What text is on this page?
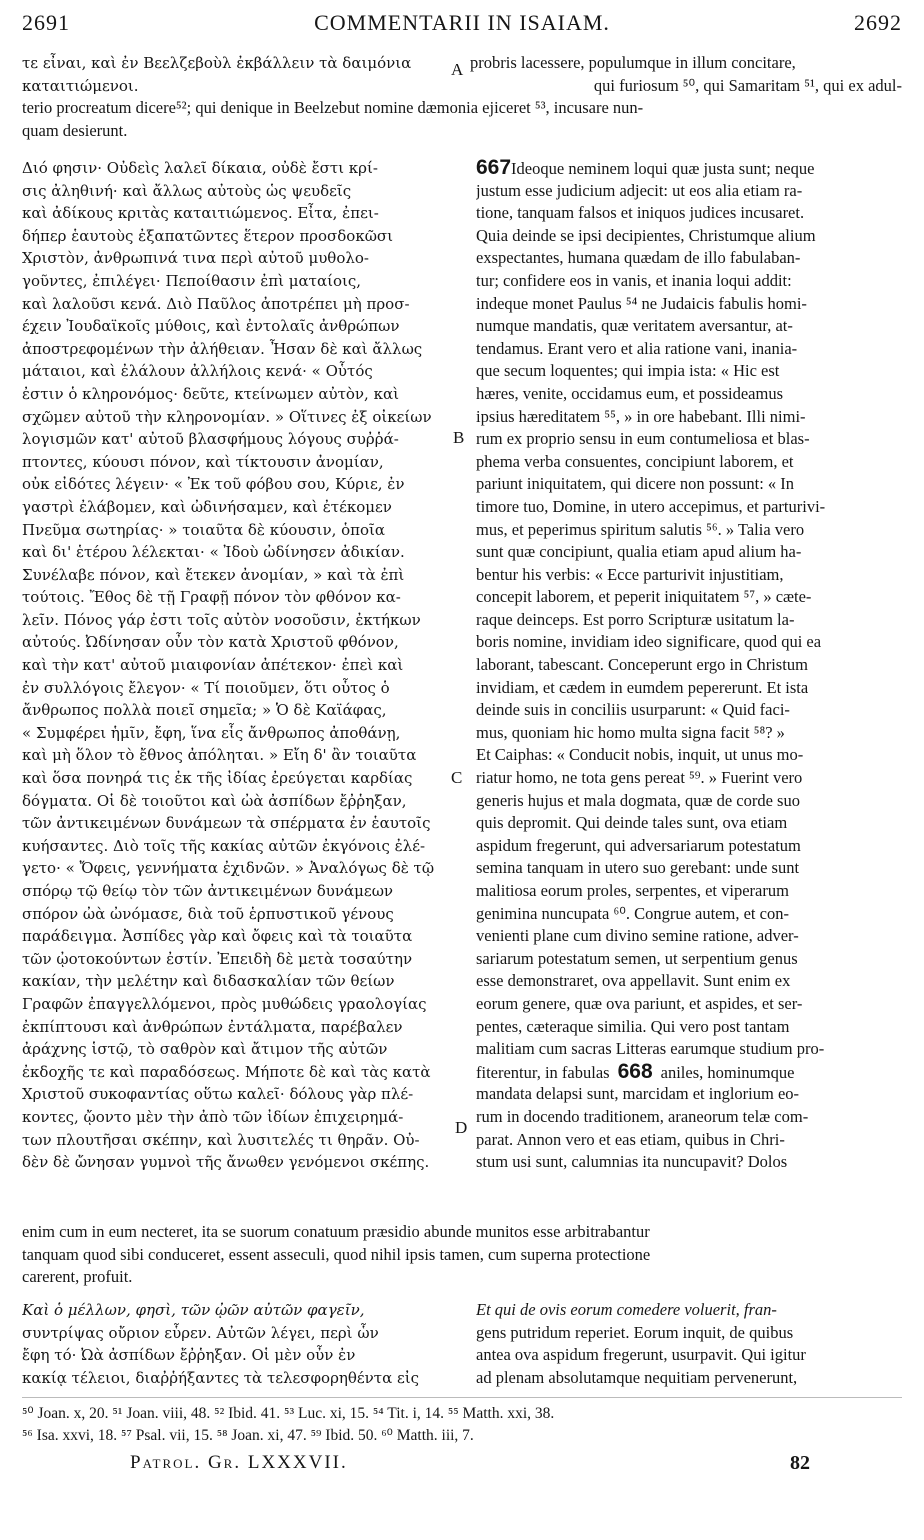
2691	COMMENTARII IN ISAIAM.	2692
τε εἶναι, καὶ ἐν Βεελζεβοὺλ ἐκβάλλειν τὰ δαιμόνια
καταιτιώμενοι.
probris lacessere, populumque in illum concitare,
qui furiosum ⁵⁰, qui Samaritam ⁵¹, qui ex adul-
terio procreatum dicere⁵²; qui denique in Beelzebut nomine dæmonia ejiceret ⁵³, incusare nun-
quam desierunt.
Διό φησιν· Οὐδεὶς λαλεῖ δίκαια, οὐδὲ ἔστι κρί-
σις ἀληθινή· καὶ ἄλλως αὐτοὺς ὡς ψευδεῖς
καὶ ἀδίκους κριτὰς καταιτιώμενος. Εἶτα, ἐπει-
δήπερ ἑαυτοὺς ἐξαπατῶντες ἕτερον προσδοκῶσι
Χριστὸν, ἀνθρωπινά τινα περὶ αὐτοῦ μυθολο-
γοῦντες, ἐπιλέγει· Πεποίθασιν ἐπὶ ματαίοις,
καὶ λαλοῦσι κενά. Διὸ Παῦλος ἀποτρέπει μὴ προσ-
έχειν Ἰουδαϊκοῖς μύθοις, καὶ ἐντολαῖς ἀνθρώπων
ἀποστρεφομένων τὴν ἀλήθειαν. Ἦσαν δὲ καὶ ἄλλως
μάταιοι, καὶ ἐλάλουν ἀλλήλοις κενά· « Οὗτός
ἐστιν ὁ κληρονόμος· δεῦτε, κτείνωμεν αὐτὸν, καὶ
σχῶμεν αὐτοῦ τὴν κληρονομίαν. » Οἵτινες ἐξ οἰκείων
λογισμῶν κατ' αὐτοῦ βλασφήμους λόγους συῤῥά-
πτοντες, κύουσι πόνον, καὶ τίκτουσιν ἀνομίαν,
οὐκ εἰδότες λέγειν· « Ἐκ τοῦ φόβου σου, Κύριε, ἐν
γαστρὶ ἐλάβομεν, καὶ ὠδινήσαμεν, καὶ ἐτέκομεν
Πνεῦμα σωτηρίας· » τοιαῦτα δὲ κύουσιν, ὁποῖα
καὶ δι' ἑτέρου λέλεκται· « Ἰδοὺ ὠδίνησεν ἀδικίαν.
Συνέλαβε πόνον, καὶ ἔτεκεν ἀνομίαν, » καὶ τὰ ἐπὶ
τούτοις. Ἔθος δὲ τῇ Γραφῇ πόνον τὸν φθόνον κα-
λεῖν. Πόνος γάρ ἐστι τοῖς αὐτὸν νοσοῦσιν, ἐκτήκων
αὐτούς. Ὠδίνησαν οὖν τὸν κατὰ Χριστοῦ φθόνον,
καὶ τὴν κατ' αὐτοῦ μιαιφονίαν ἀπέτεκον· ἐπεὶ καὶ
ἐν συλλόγοις ἔλεγον· « Τί ποιοῦμεν, ὅτι οὗτος ὁ
ἄνθρωπος πολλὰ ποιεῖ σημεῖα; » Ὁ δὲ Καϊάφας,
« Συμφέρει ἡμῖν, ἔφη, ἵνα εἷς ἄνθρωπος ἀποθάνῃ,
καὶ μὴ ὅλον τὸ ἔθνος ἀπόληται. » Εἴη δ' ἂν τοιαῦτα
καὶ ὅσα πονηρά τις ἐκ τῆς ἰδίας ἐρεύγεται καρδίας
δόγματα. Οἱ δὲ τοιοῦτοι καὶ ὠὰ ἀσπίδων ἔῤῥηξαν,
τῶν ἀντικειμένων δυνάμεων τὰ σπέρματα ἐν ἑαυτοῖς
κυήσαντες. Διὸ τοῖς τῆς κακίας αὐτῶν ἐκγόνοις ἐλέ-
γετο· « Ὄφεις, γεννήματα ἐχιδνῶν. » Ἀναλόγως δὲ τῷ
σπόρῳ τῷ θείῳ τὸν τῶν ἀντικειμένων δυνάμεων
σπόρον ὠὰ ὠνόμασε, διὰ τοῦ ἑρπυστικοῦ γένους
παράδειγμα. Ἀσπίδες γὰρ καὶ ὄφεις καὶ τὰ τοιαῦτα
τῶν ᾠοτοκούντων ἐστίν. Ἐπειδὴ δὲ μετὰ τοσαύτην
κακίαν, τὴν μελέτην καὶ διδασκαλίαν τῶν θείων
Γραφῶν ἐπαγγελλόμενοι, πρὸς μυθώδεις γραολογίας
ἐκπίπτουσι καὶ ἀνθρώπων ἐντάλματα, παρέβαλεν
ἀράχνης ἱστῷ, τὸ σαθρὸν καὶ ἄτιμον τῆς αὐτῶν
ἐκδοχῆς τε καὶ παραδόσεως. Μήποτε δὲ καὶ τὰς κατὰ
Χριστοῦ συκοφαντίας οὕτω καλεῖ· δόλους γὰρ πλέ-
κοντες, ᾤοντο μὲν τὴν ἀπὸ τῶν ἰδίων ἐπιχειρημά-
των πλουτῆσαι σκέπην, καὶ λυσιτελές τι θηρᾶν. Οὐ-
δὲν δὲ ὤνησαν γυμνοὶ τῆς ἄνωθεν γενόμενοι σκέπης.
667Ideoque neminem loqui quæ justa sunt; neque
justum esse judicium adjecit: ut eos alia etiam ra-
tione, tanquam falsos et iniquos judices incusaret.
Quia deinde se ipsi decipientes, Christumque alium
exspectantes, humana quædam de illo fabulaban-
tur; confidere eos in vanis, et inania loqui addit:
indeque monet Paulus ⁵⁴ ne Judaicis fabulis homi-
numque mandatis, quæ veritatem aversantur, at-
tendamus. Erant vero et alia ratione vani, inania-
que secum loquentes; qui impia ista: « Hic est
hæres, venite, occidamus eum, et possideamus
ipsius hæreditatem ⁵⁵, » in ore habebant. Illi nimi-
rum ex proprio sensu in eum contumeliosa et blas-
phema verba consuentes, concipiunt laborem, et
pariunt iniquitatem, qui dicere non possunt: « In
timore tuo, Domine, in utero accepimus, et parturivi-
mus, et peperimus spiritum salutis ⁵⁶. » Talia vero
sunt quæ concipiunt, qualia etiam apud alium ha-
bentur his verbis: « Ecce parturivit injustitiam,
concepit laborem, et peperit iniquitatem ⁵⁷, » cæte-
raque deinceps. Est porro Scripturæ usitatum la-
boris nomine, invidiam ideo significare, quod qui ea
laborant, tabescant. Conceperunt ergo in Christum
invidiam, et cædem in eumdem pepererunt. Et ista
deinde suis in conciliis usurparunt: « Quid faci-
mus, quoniam hic homo multa signa facit ⁵⁸? »
Et Caiphas: « Conducit nobis, inquit, ut unus mo-
riatur homo, ne tota gens pereat ⁵⁹. » Fuerint vero
generis hujus et mala dogmata, quæ de corde suo
quis depromit. Qui deinde tales sunt, ova etiam
aspidum fregerunt, qui adversariarum potestatum
semina tanquam in utero suo gerebant: unde sunt
malitiosa eorum proles, serpentes, et viperarum
genimina nuncupata ⁶⁰. Congrue autem, et con-
venienti plane cum divino semine ratione, adver-
sariarum potestatum semen, ut serpentium genus
esse demonstraret, ova appellavit. Sunt enim ex
eorum genere, quæ ova pariunt, et aspides, et ser-
pentes, cæteraque similia. Qui vero post tantam
malitiam cum sacras Litteras earumque studium pro-
fiterentur, in fabulas 668 aniles, hominumque
mandata delapsi sunt, marcidam et inglorium eo-
rum in docendo traditionem, araneorum telæ com-
parat. Annon vero et eas etiam, quibus in Chri-
stum usi sunt, calumnias ita nuncupavit? Dolos
A
B
C
D
enim cum in eum necteret, ita se suorum conatuum præsidio abunde munitos esse arbitrabantur
tanquam quod sibi conduceret, essent asseculi, quod nihil ipsis tamen, cum superna protectione
carerent, profuit.
Καὶ ὁ μέλλων, φησὶ, τῶν ᾠῶν αὐτῶν φαγεῖν,
συντρίψας οὔριον εὗρεν. Αὐτῶν λέγει, περὶ ὧν
ἔφη τό· Ὠὰ ἀσπίδων ἔῤῥηξαν. Οἱ μὲν οὖν ἐν
κακίᾳ τέλειοι, διαῤῥήξαντες τὰ τελεσφορηθέντα εἰς
Et qui de ovis eorum comedere voluerit, fran-
gens putridum reperiet. Eorum inquit, de quibus
antea ova aspidum fregerunt, usurpavit. Qui igitur
ad plenam absolutamque nequitiam pervenerunt,
⁵⁰ Joan. x, 20. ⁵¹ Joan. viii, 48. ⁵² Ibid. 41. ⁵³ Luc. xi, 15. ⁵⁴ Tit. i, 14. ⁵⁵ Matth. xxi, 38.
⁵⁶ Isa. xxvi, 18. ⁵⁷ Psal. vii, 15. ⁵⁸ Joan. xi, 47. ⁵⁹ Ibid. 50. ⁶⁰ Matth. iii, 7.
Patrol. Gr. LXXXVII.	82
